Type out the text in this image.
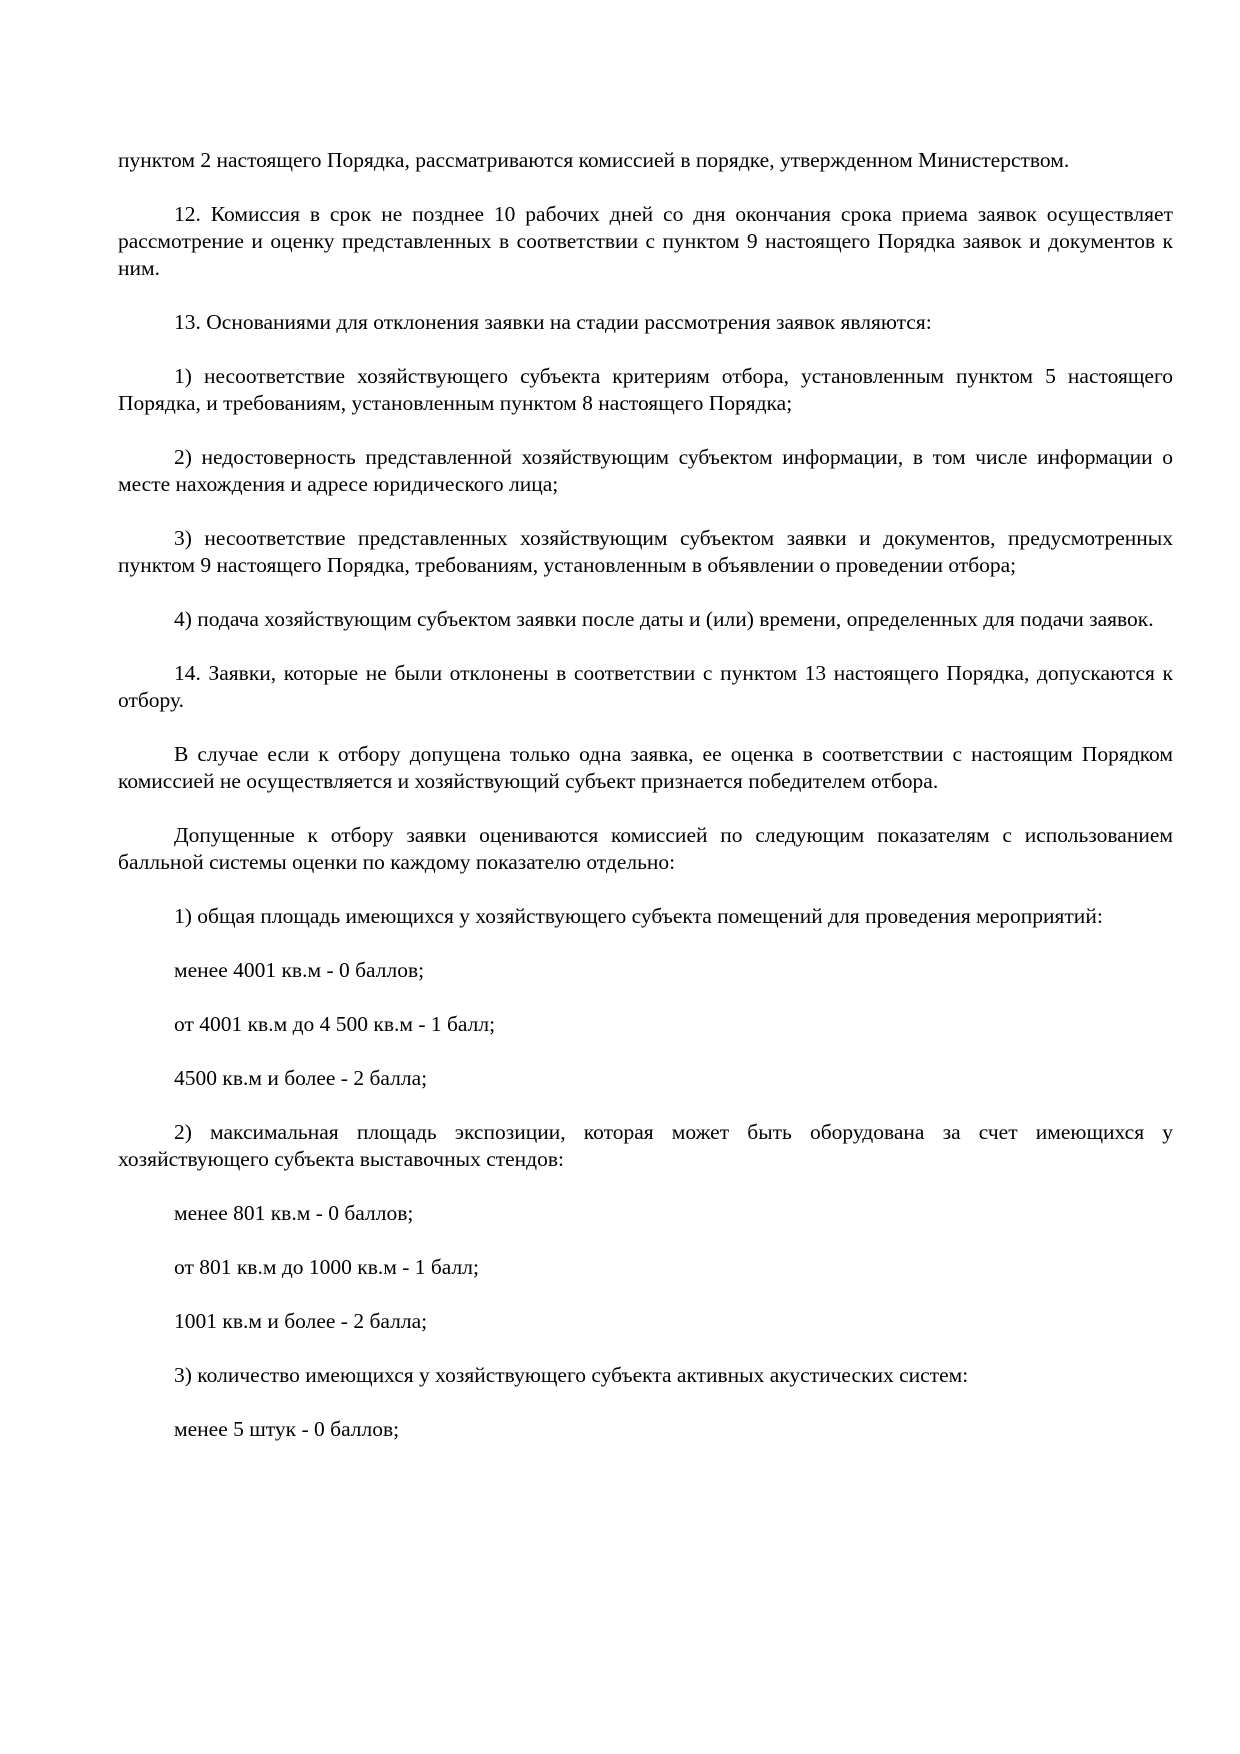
пунктом 2 настоящего Порядка, рассматриваются комиссией в порядке, утвержденном Министерством.

12. Комиссия в срок не позднее 10 рабочих дней со дня окончания срока приема заявок осуществляет рассмотрение и оценку представленных в соответствии с пунктом 9 настоящего Порядка заявок и документов к ним.

13. Основаниями для отклонения заявки на стадии рассмотрения заявок являются:

1) несоответствие хозяйствующего субъекта критериям отбора, установленным пунктом 5 настоящего Порядка, и требованиям, установленным пунктом 8 настоящего Порядка;

2) недостоверность представленной хозяйствующим субъектом информации, в том числе информации о месте нахождения и адресе юридического лица;

3) несоответствие представленных хозяйствующим субъектом заявки и документов, предусмотренных пунктом 9 настоящего Порядка, требованиям, установленным в объявлении о проведении отбора;

4) подача хозяйствующим субъектом заявки после даты и (или) времени, определенных для подачи заявок.

14. Заявки, которые не были отклонены в соответствии с пунктом 13 настоящего Порядка, допускаются к отбору.

В случае если к отбору допущена только одна заявка, ее оценка в соответствии с настоящим Порядком комиссией не осуществляется и хозяйствующий субъект признается победителем отбора.

Допущенные к отбору заявки оцениваются комиссией по следующим показателям с использованием балльной системы оценки по каждому показателю отдельно:

1) общая площадь имеющихся у хозяйствующего субъекта помещений для проведения мероприятий:

менее 4001 кв.м - 0 баллов;

от 4001 кв.м до 4 500 кв.м - 1 балл;

4500 кв.м и более - 2 балла;

2) максимальная площадь экспозиции, которая может быть оборудована за счет имеющихся у хозяйствующего субъекта выставочных стендов:

менее 801 кв.м - 0 баллов;

от 801 кв.м до 1000 кв.м - 1 балл;

1001 кв.м и более - 2 балла;

3) количество имеющихся у хозяйствующего субъекта активных акустических систем:

менее 5 штук - 0 баллов;
